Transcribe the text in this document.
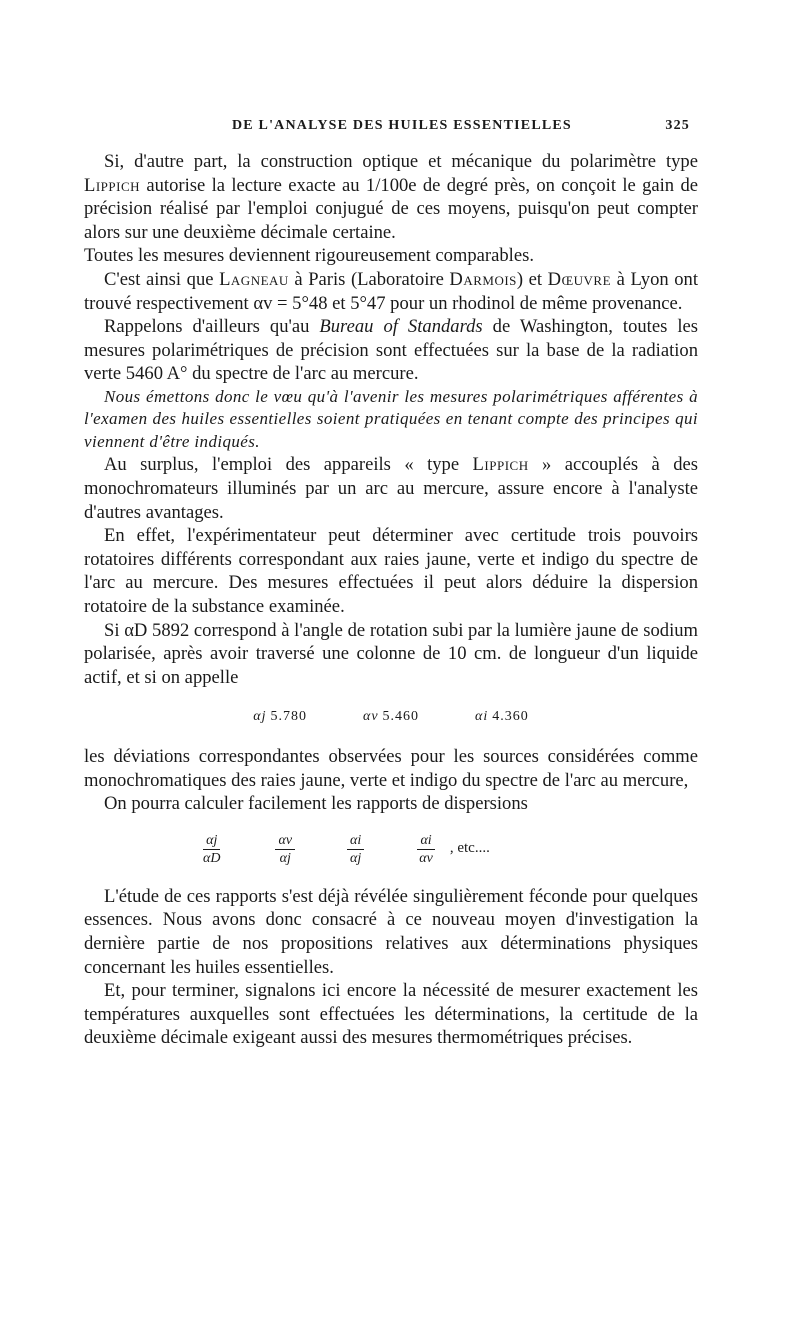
DE L'ANALYSE DES HUILES ESSENTIELLES	325

Si, d'autre part, la construction optique et mécanique du polarimètre type Lippich autorise la lecture exacte au 1/100e de degré près, on conçoit le gain de précision réalisé par l'emploi conjugué de ces moyens, puisqu'on peut compter alors sur une deuxième décimale certaine.

Toutes les mesures deviennent rigoureusement comparables.

C'est ainsi que Lagneau à Paris (Laboratoire Darmois) et Dœuvre à Lyon ont trouvé respectivement αv = 5°48 et 5°47 pour un rhodinol de même provenance.

Rappelons d'ailleurs qu'au Bureau of Standards de Washington, toutes les mesures polarimétriques de précision sont effectuées sur la base de la radiation verte 5460 A° du spectre de l'arc au mercure.

Nous émettons donc le vœu qu'à l'avenir les mesures polarimétriques afférentes à l'examen des huiles essentielles soient pratiquées en tenant compte des principes qui viennent d'être indiqués.

Au surplus, l'emploi des appareils « type Lippich » accouplés à des monochromateurs illuminés par un arc au mercure, assure encore à l'analyste d'autres avantages.

En effet, l'expérimentateur peut déterminer avec certitude trois pouvoirs rotatoires différents correspondant aux raies jaune, verte et indigo du spectre de l'arc au mercure. Des mesures effectuées il peut alors déduire la dispersion rotatoire de la substance examinée.

Si αD 5892 correspond à l'angle de rotation subi par la lumière jaune de sodium polarisée, après avoir traversé une colonne de 10 cm. de longueur d'un liquide actif, et si on appelle

αj 5.780	αv 5.460	αi 4.360

les déviations correspondantes observées pour les sources considérées comme monochromatiques des raies jaune, verte et indigo du spectre de l'arc au mercure,

On pourra calculer facilement les rapports de dispersions

$\frac{\alpha j}{\alpha D}$	$\frac{\alpha v}{\alpha j}$	$\frac{\alpha i}{\alpha j}$	$\frac{\alpha i}{\alpha v}$ , etc....

L'étude de ces rapports s'est déjà révélée singulièrement féconde pour quelques essences. Nous avons donc consacré à ce nouveau moyen d'investigation la dernière partie de nos propositions relatives aux déterminations physiques concernant les huiles essentielles.

Et, pour terminer, signalons ici encore la nécessité de mesurer exactement les températures auxquelles sont effectuées les déterminations, la certitude de la deuxième décimale exigeant aussi des mesures thermométriques précises.
